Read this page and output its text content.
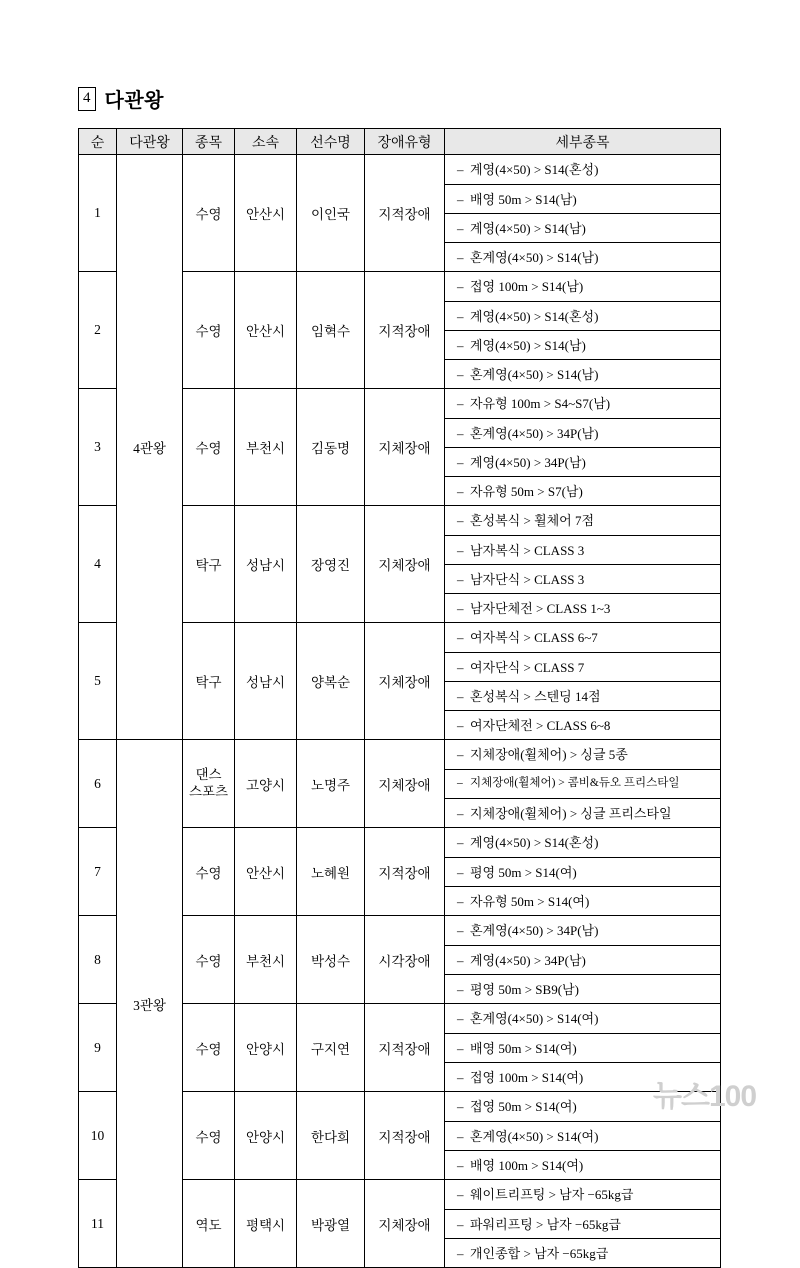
4 다관왕
순	다관왕	종목	소속	선수명	장애유형	세부종목
1	4관왕	수영	안산시	이인국	지적장애	
– 계영(4×50) > S14(혼성)
– 배영 50m > S14(남)
– 계영(4×50) > S14(남)
– 혼계영(4×50) > S14(남)

2	수영	안산시	임혁수	지적장애	
– 접영 100m > S14(남)
– 계영(4×50) > S14(혼성)
– 계영(4×50) > S14(남)
– 혼계영(4×50) > S14(남)

3	수영	부천시	김동명	지체장애	
– 자유형 100m > S4~S7(남)
– 혼계영(4×50) > 34P(남)
– 계영(4×50) > 34P(남)
– 자유형 50m > S7(남)

4	탁구	성남시	장영진	지체장애	
– 혼성복식 > 휠체어 7점
– 남자복식 > CLASS 3
– 남자단식 > CLASS 3
– 남자단체전 > CLASS 1~3

5	탁구	성남시	양복순	지체장애	
– 여자복식 > CLASS 6~7
– 여자단식 > CLASS 7
– 혼성복식 > 스텐딩 14점
– 여자단체전 > CLASS 6~8

6	3관왕	댄스
스포츠	고양시	노명주	지체장애	
– 지체장애(휠체어) > 싱글 5종
– 지체장애(휠체어) > 콤비&듀오 프리스타일
– 지체장애(휠체어) > 싱글 프리스타일

7	수영	안산시	노혜원	지적장애	
– 계영(4×50) > S14(혼성)
– 평영 50m > S14(여)
– 자유형 50m > S14(여)

8	수영	부천시	박성수	시각장애	
– 혼계영(4×50) > 34P(남)
– 계영(4×50) > 34P(남)
– 평영 50m > SB9(남)

9	수영	안양시	구지연	지적장애	
– 혼계영(4×50) > S14(여)
– 배영 50m > S14(여)
– 접영 100m > S14(여)

10	수영	안양시	한다희	지적장애	
– 접영 50m > S14(여)
– 혼계영(4×50) > S14(여)
– 배영 100m > S14(여)

11	역도	평택시	박광열	지체장애	
– 웨이트리프팅 > 남자 −65kg급
– 파워리프팅 > 남자 −65kg급
– 개인종합 > 남자 −65kg급
뉴스100
